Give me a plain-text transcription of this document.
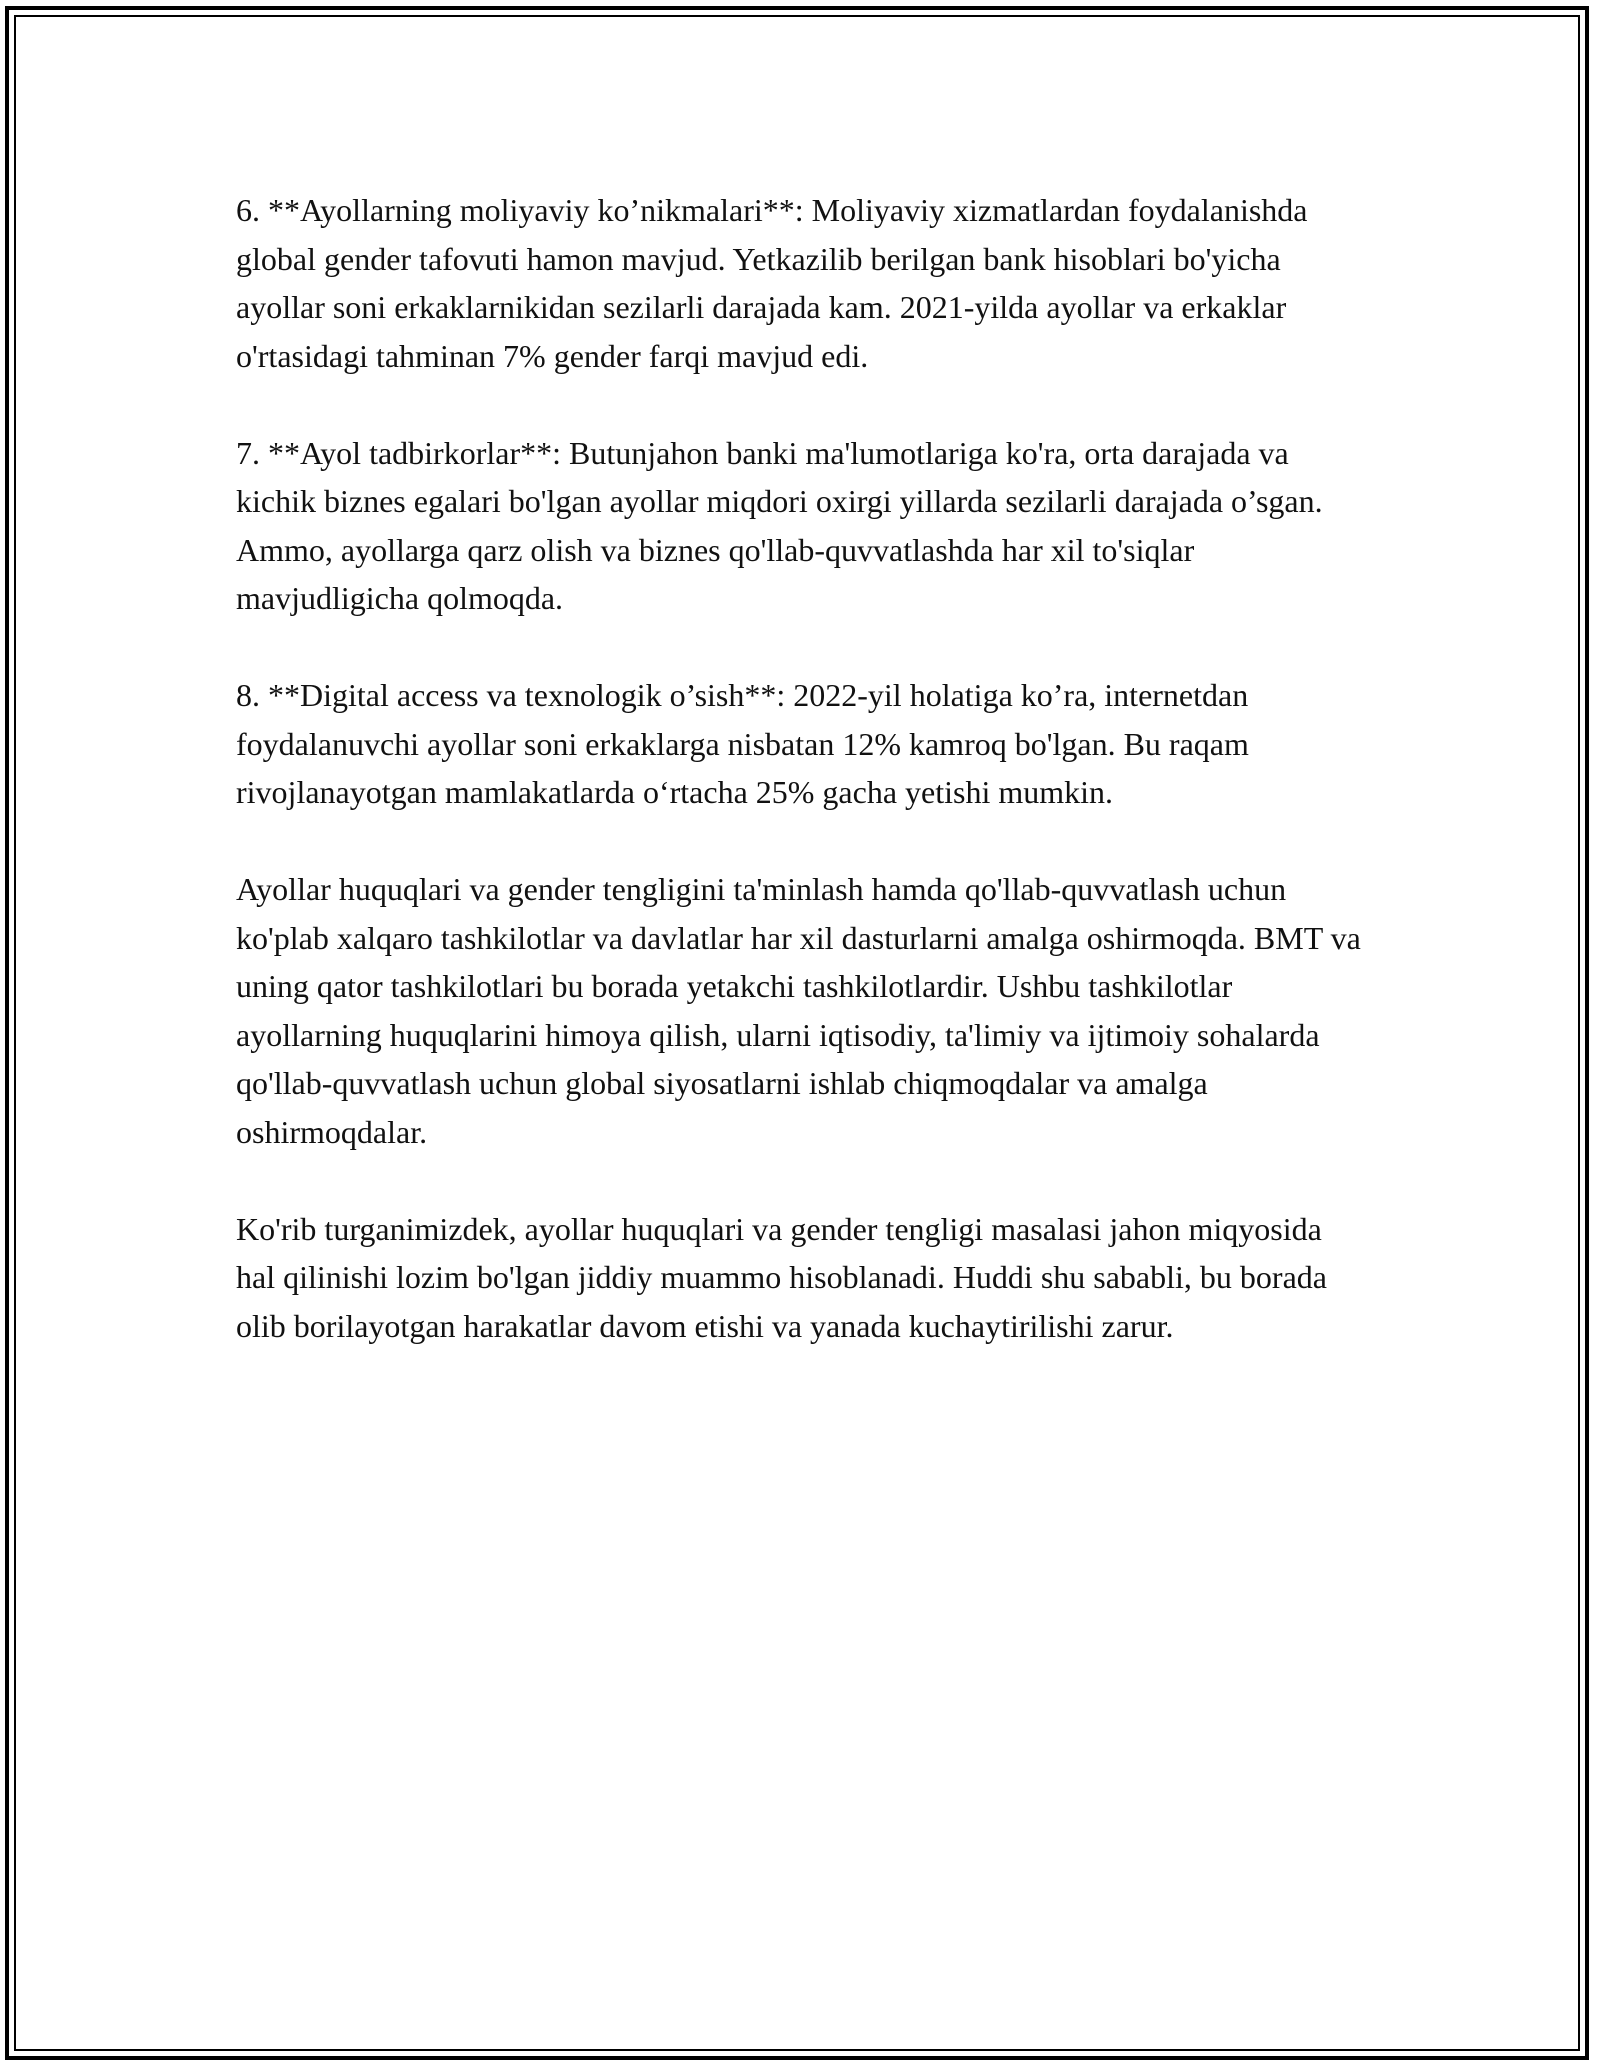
6. **Ayollarning moliyaviy ko’nikmalari**: Moliyaviy xizmatlardan foydalanishda global gender tafovuti hamon mavjud. Yetkazilib berilgan bank hisoblari bo'yicha ayollar soni erkaklarnikidan sezilarli darajada kam. 2021-yilda ayollar va erkaklar o'rtasidagi tahminan 7% gender farqi mavjud edi.

7. **Ayol tadbirkorlar**: Butunjahon banki ma'lumotlariga ko'ra, orta darajada va kichik biznes egalari bo'lgan ayollar miqdori oxirgi yillarda sezilarli darajada o’sgan. Ammo, ayollarga qarz olish va biznes qo'llab-quvvatlashda har xil to'siqlar mavjudligicha qolmoqda.

8. **Digital access va texnologik o’sish**: 2022-yil holatiga ko’ra, internetdan foydalanuvchi ayollar soni erkaklarga nisbatan 12% kamroq bo'lgan. Bu raqam rivojlanayotgan mamlakatlarda o‘rtacha 25% gacha yetishi mumkin.

Ayollar huquqlari va gender tengligini ta'minlash hamda qo'llab-quvvatlash uchun ko'plab xalqaro tashkilotlar va davlatlar har xil dasturlarni amalga oshirmoqda. BMT va uning qator tashkilotlari bu borada yetakchi tashkilotlardir. Ushbu tashkilotlar ayollarning huquqlarini himoya qilish, ularni iqtisodiy, ta'limiy va ijtimoiy sohalarda qo'llab-quvvatlash uchun global siyosatlarni ishlab chiqmoqdalar va amalga oshirmoqdalar.

Ko'rib turganimizdek, ayollar huquqlari va gender tengligi masalasi jahon miqyosida hal qilinishi lozim bo'lgan jiddiy muammo hisoblanadi. Huddi shu sababli, bu borada olib borilayotgan harakatlar davom etishi va yanada kuchaytirilishi zarur.
